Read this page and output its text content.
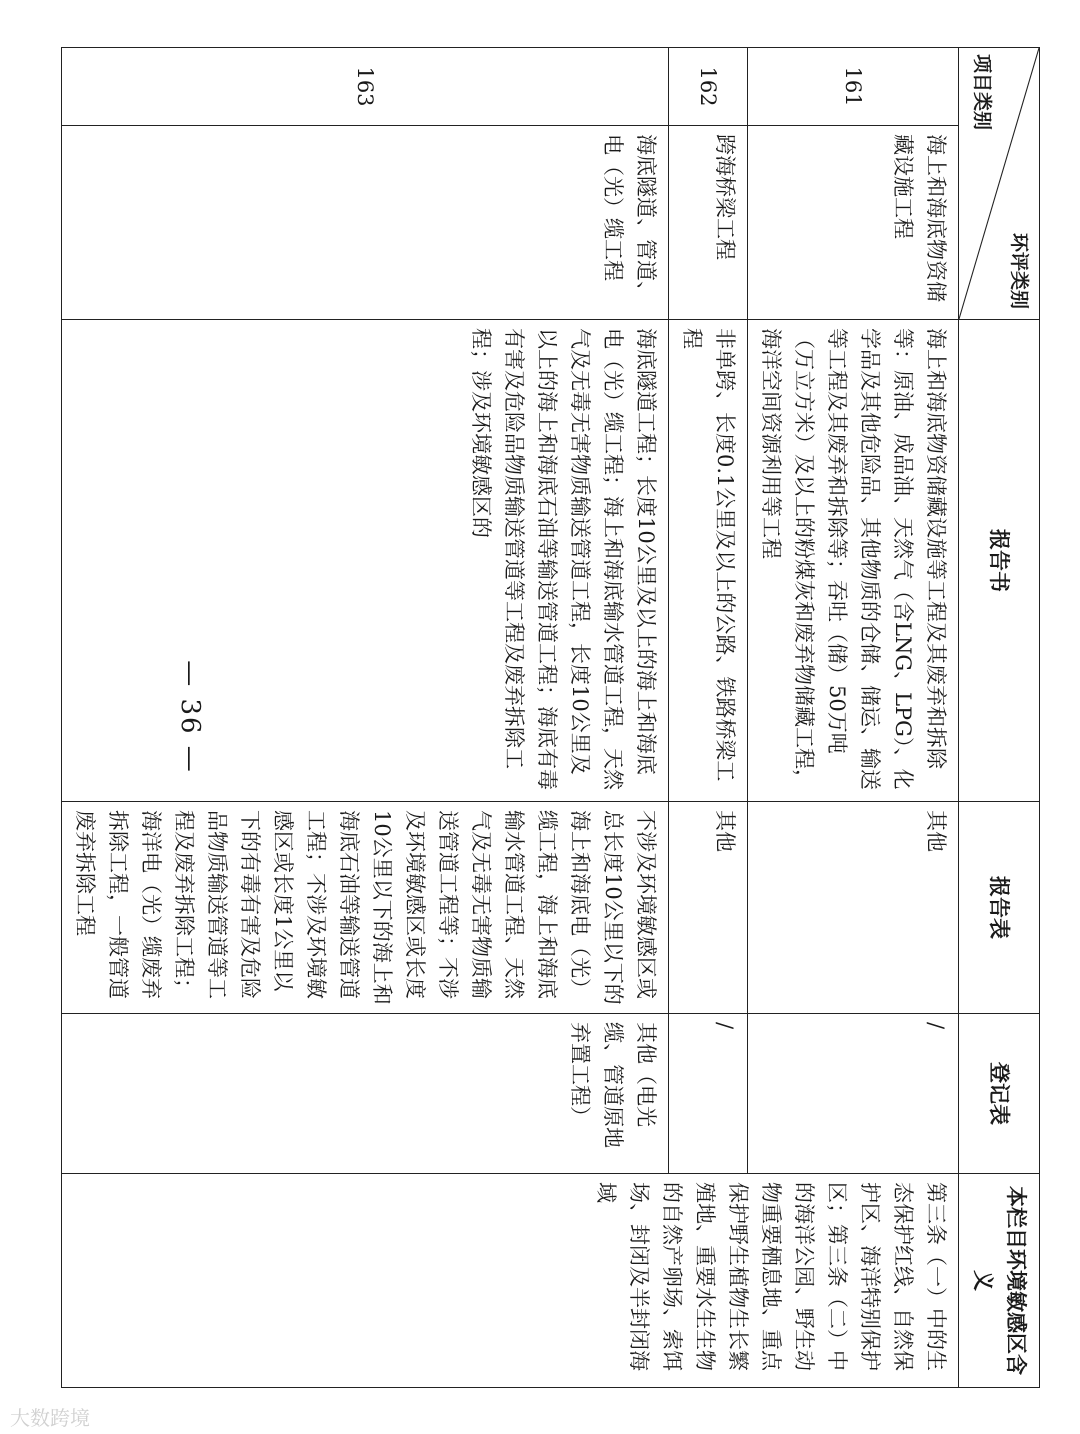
环评类别
项目类别		报告书	报告表	登记表	本栏目环境敏感区含义
161	海上和海底物资储藏设施工程	海上和海底物资储藏设施等工程及其废弃和拆除等：原油、成品油、天然气（含LNG、LPG）、化学品及其他危险品、其他物质的仓储、储运、输送等工程及其废弃和拆除等；吞吐（储）50万吨（万立方米）及以上的粉煤灰和废弃物储藏工程，海洋空间资源利用等工程	其他	/	第三条（一）中的生态保护红线、自然保护区、海洋特别保护区；第三条（二）中的海洋公园、野生动物重要栖息地、重点保护野生植物生长繁殖地、重要水生生物的自然产卵场、索饵场、封闭及半封闭海域
162	跨海桥梁工程	非单跨、长度0.1公里及以上的公路、铁路桥梁工程	其他	/	
163	海底隧道、管道、电（光）缆工程	海底隧道工程；长度10公里及以上的海上和海底电（光）缆工程；海上和海底输水管道工程，天然气及无毒无害物质输送管道工程，长度10公里及以上的海上和海底石油等输送管道工程；海底有毒有害及危险品物质输送管道等工程及废弃拆除工程；涉及环境敏感区的	不涉及环境敏感区或总长度10公里以下的海上和海底电（光）缆工程，海上和海底输水管道工程、天然气及无毒无害物质输送管道工程等；不涉及环境敏感区或长度10公里以下的海上和海底石油等输送管道工程；不涉及环境敏感区或长度1公里以下的有毒有害及危险品物质输送管道等工程及废弃拆除工程；海洋电（光）缆废弃拆除工程，一般管道废弃拆除工程	其他（电光缆、管道原地弃置工程）	
— 36 —
大数跨境
